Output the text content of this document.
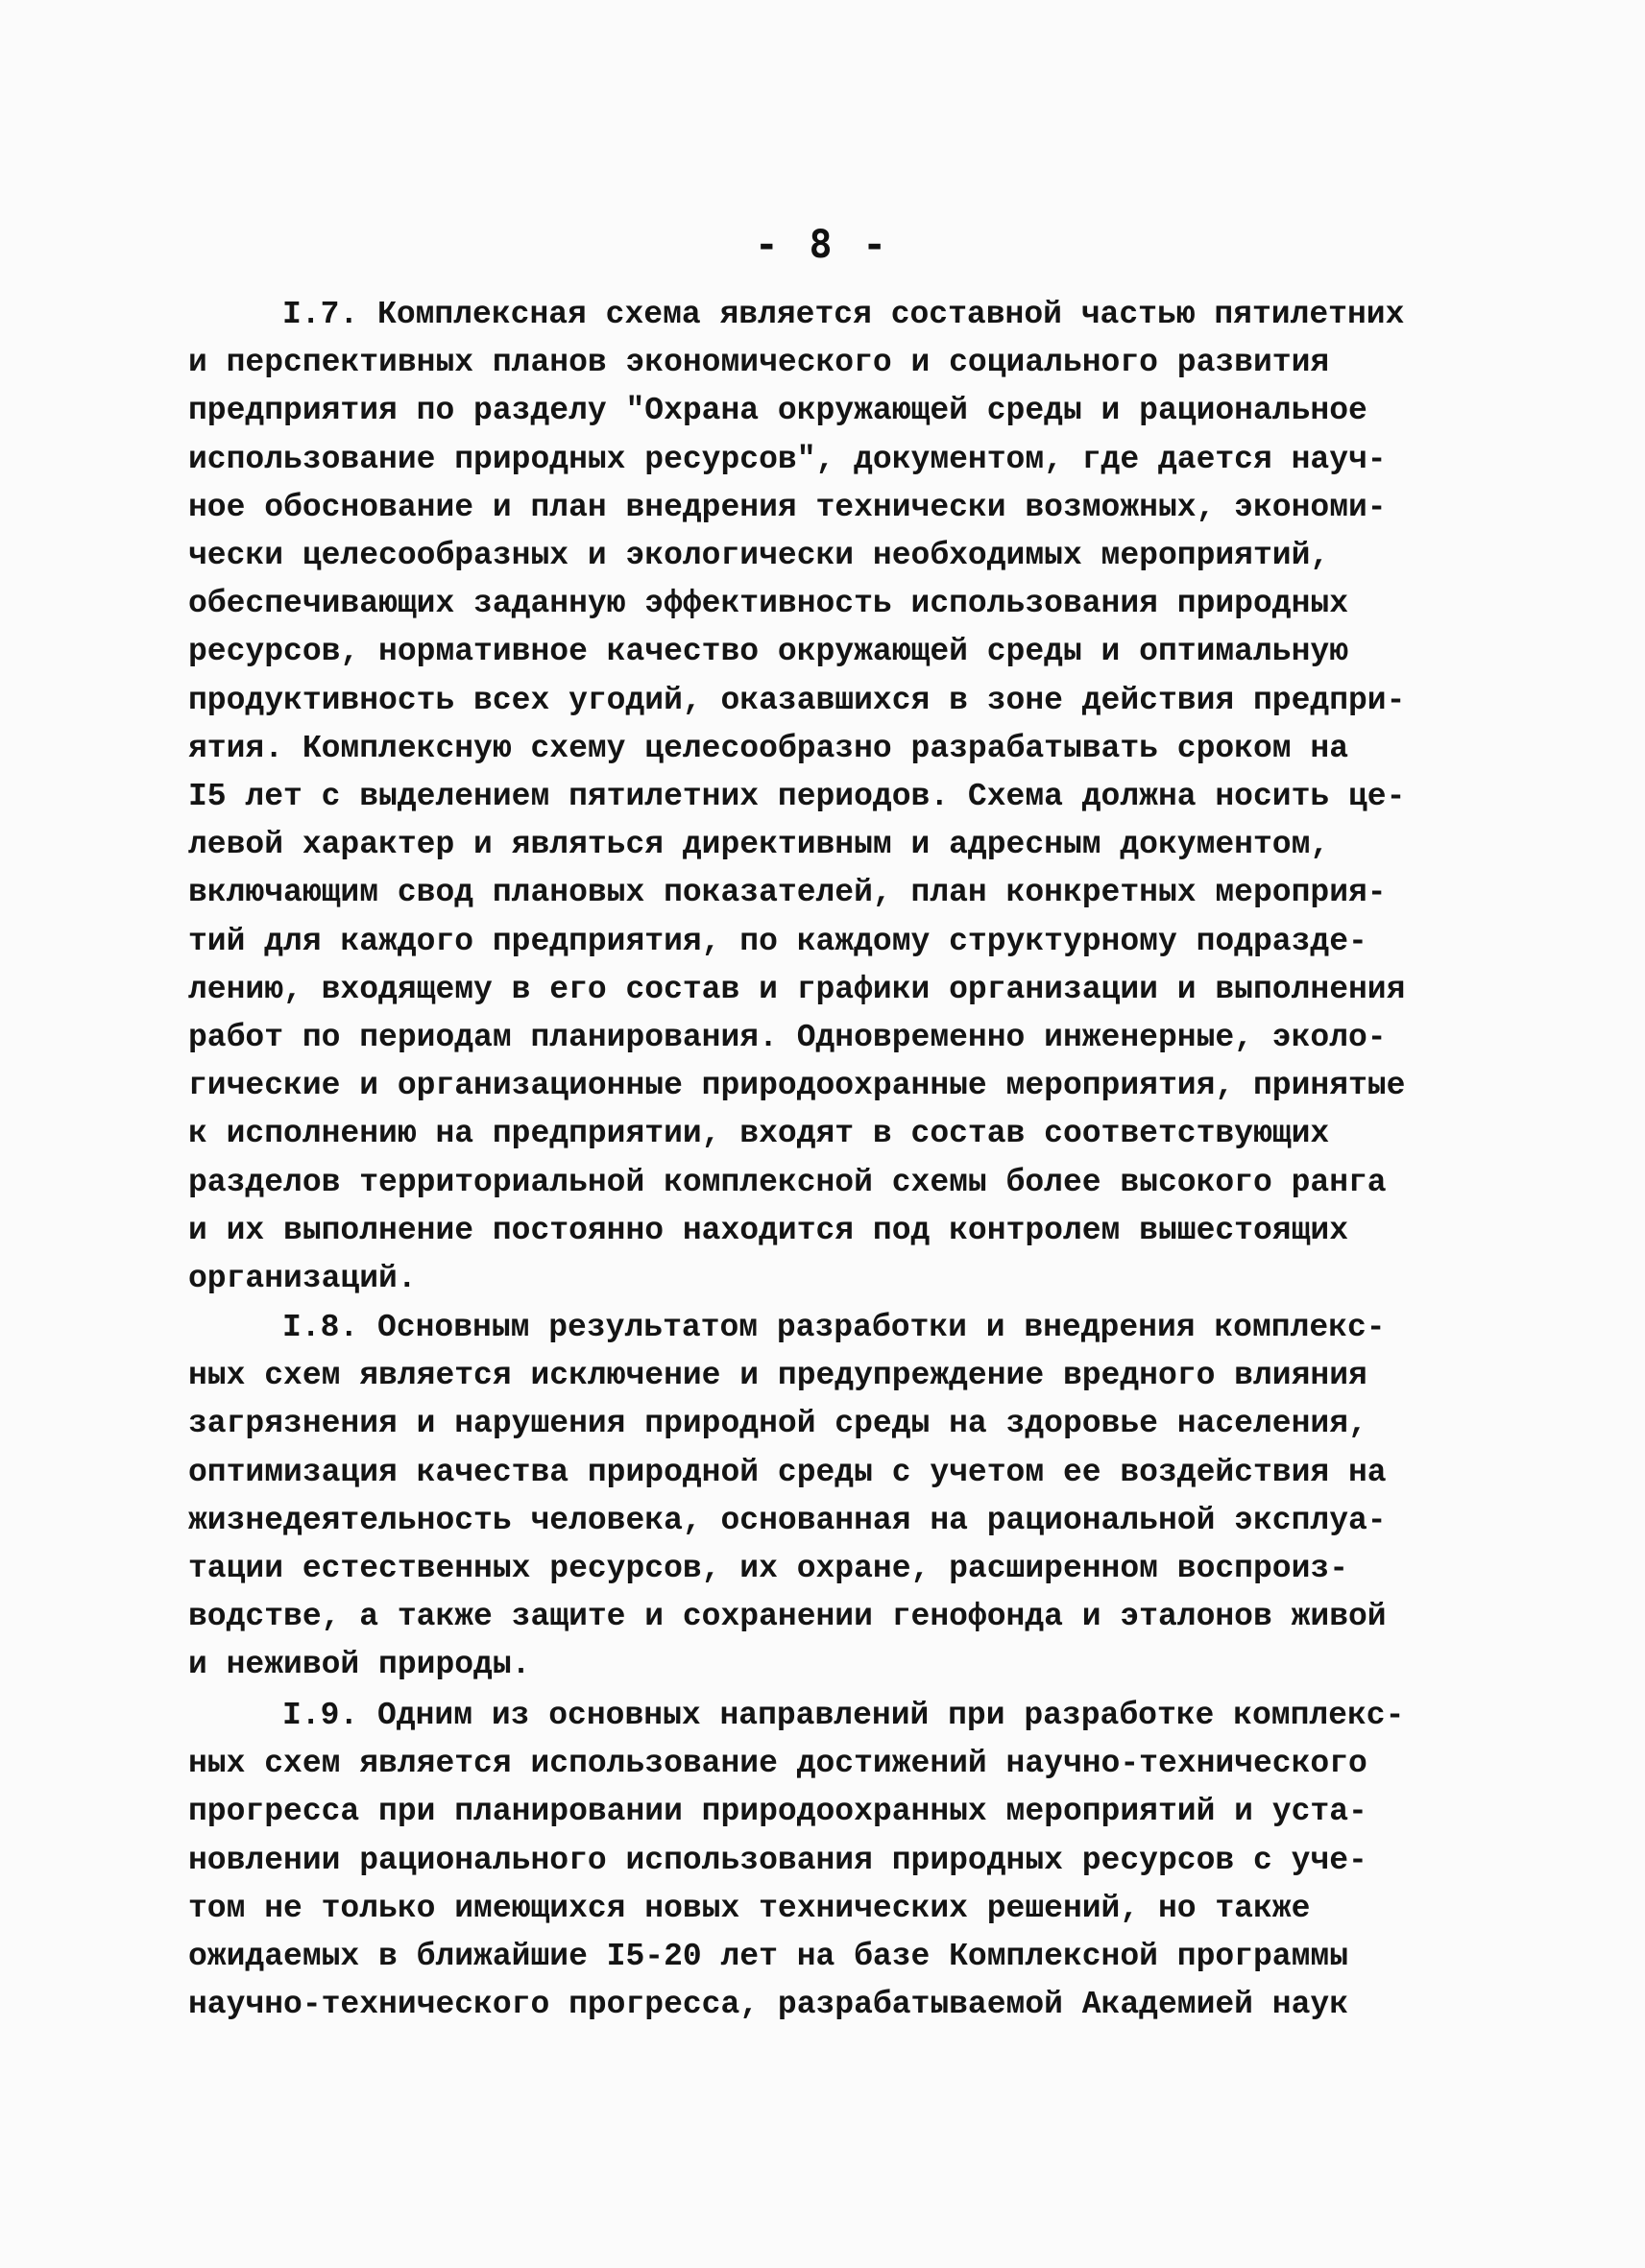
- 8 -
I.7. Комплексная схема является составной частью пятилетних
и перспективных планов экономического и социального развития
предприятия по разделу "Охрана окружающей среды и рациональное
использование природных ресурсов", документом, где дается науч-
ное обоснование и план внедрения технически возможных, экономи-
чески целесообразных и экологически необходимых мероприятий,
обеспечивающих заданную эффективность использования природных
ресурсов, нормативное качество окружающей среды и оптимальную
продуктивность всех угодий, оказавшихся в зоне действия предпри-
ятия. Комплексную схему целесообразно разрабатывать сроком на
I5 лет с выделением пятилетних периодов. Схема должна носить це-
левой характер и являться директивным и адресным документом,
включающим свод плановых показателей, план конкретных мероприя-
тий для каждого предприятия, по каждому структурному подразде-
лению, входящему в его состав и графики организации и выполнения
работ по периодам планирования. Одновременно инженерные, эколо-
гические и организационные природоохранные мероприятия, принятые
к исполнению на предприятии, входят в состав соответствующих
разделов территориальной комплексной схемы более высокого ранга
и их выполнение постоянно находится под контролем вышестоящих
организаций.
I.8. Основным результатом разработки и внедрения комплекс-
ных схем является исключение и предупреждение вредного влияния
загрязнения и нарушения природной среды на здоровье населения,
оптимизация качества природной среды с учетом ее воздействия на
жизнедеятельность человека, основанная на рациональной эксплуа-
тации естественных ресурсов, их охране, расширенном воспроиз-
водстве, а также защите и сохранении генофонда и эталонов живой
и неживой природы.
I.9. Одним из основных направлений при разработке комплекс-
ных схем является использование достижений научно-технического
прогресса при планировании природоохранных мероприятий и уста-
новлении рационального использования природных ресурсов с уче-
том не только имеющихся новых технических решений, но также
ожидаемых в ближайшие I5-20 лет на базе Комплексной программы
научно-технического прогресса, разрабатываемой Академией наук
